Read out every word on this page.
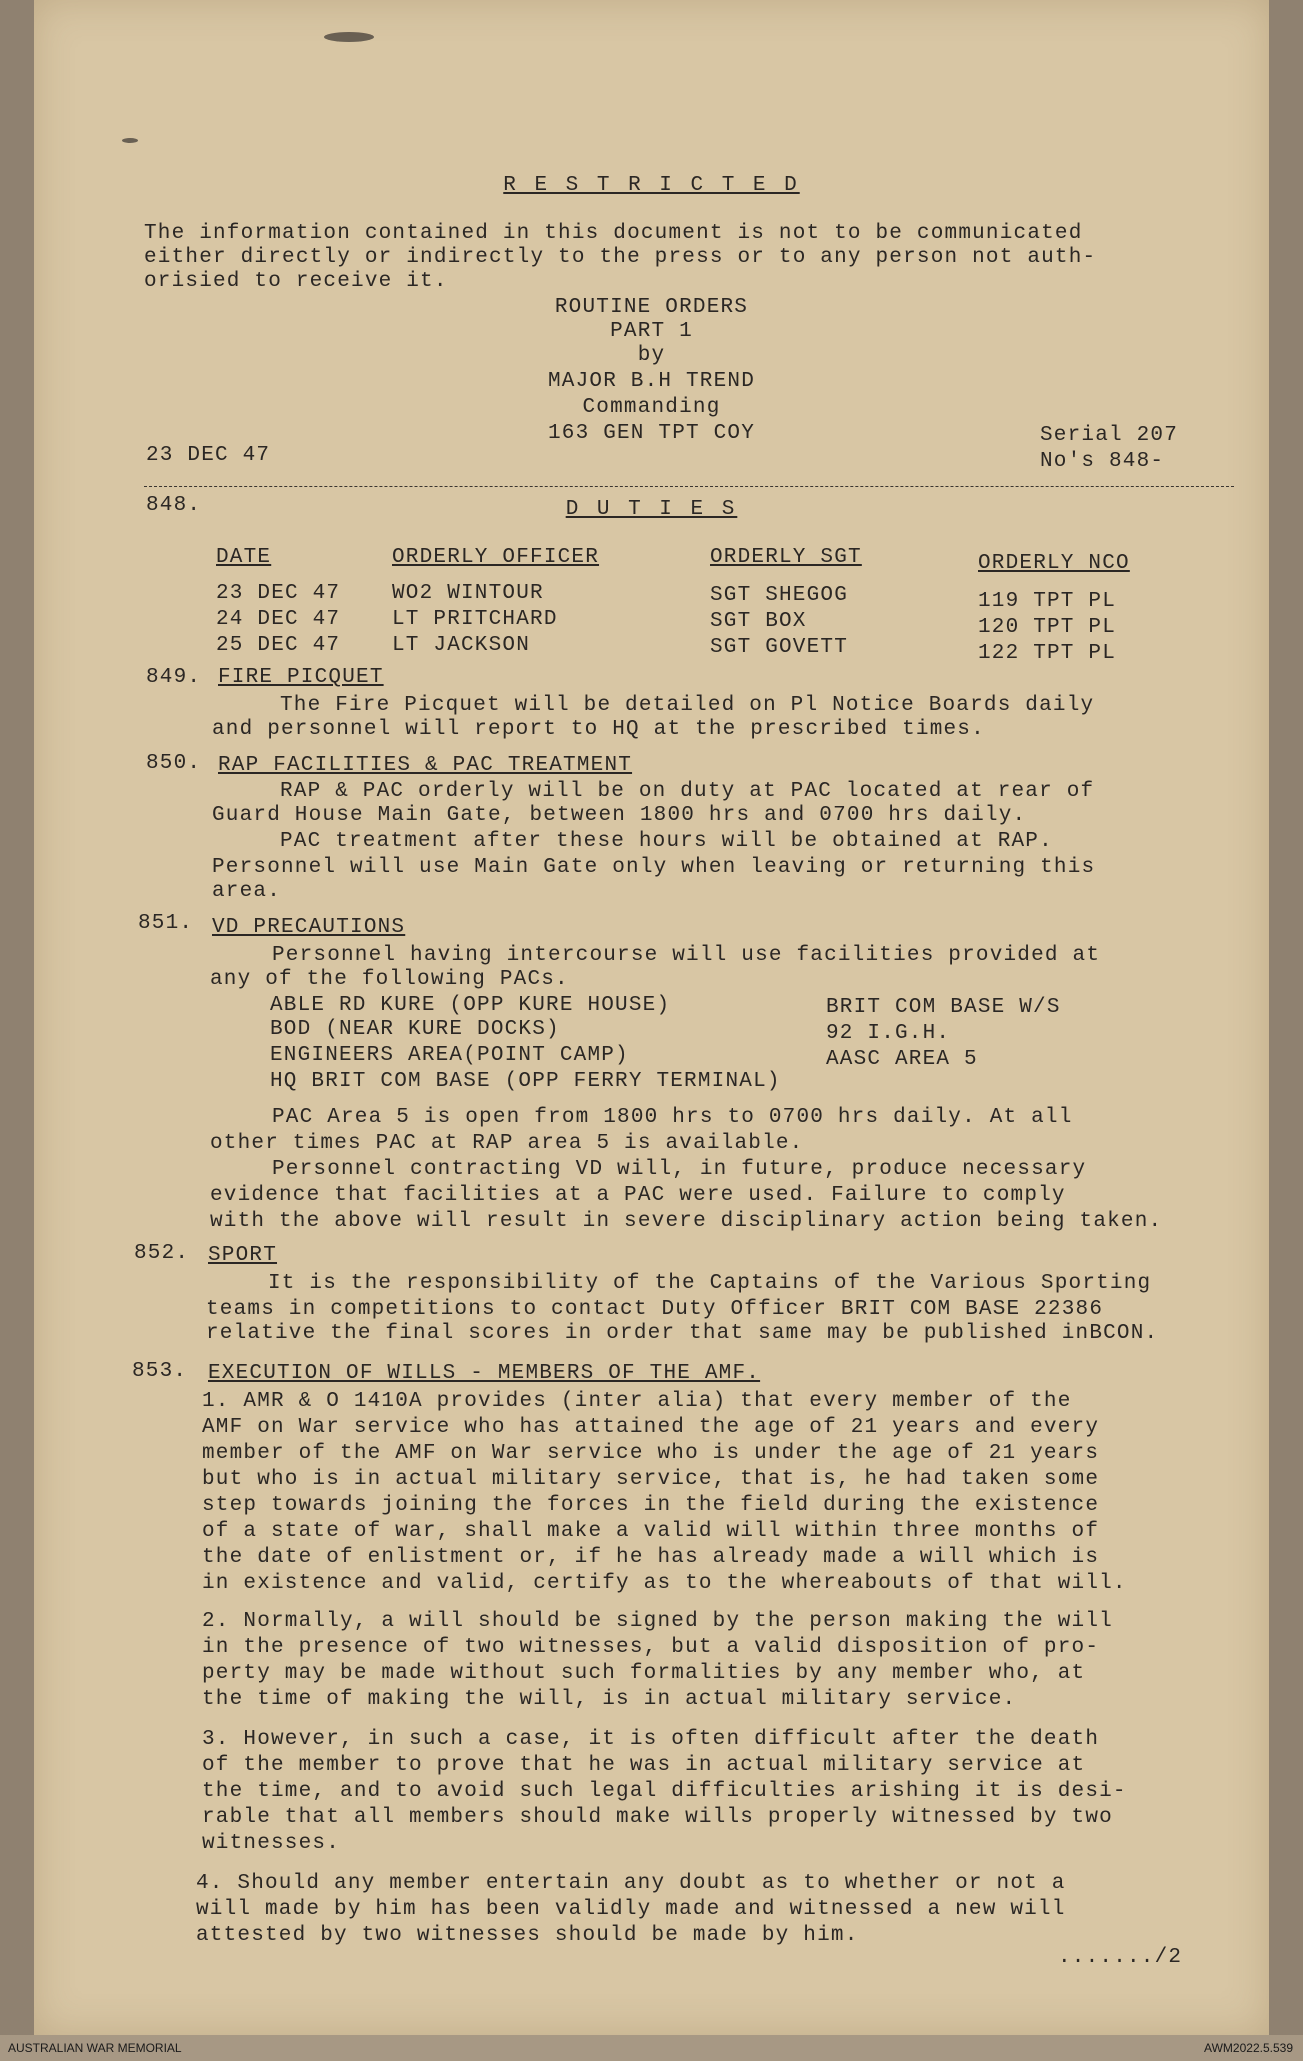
R E S T R I C T E D
The information contained in this document is not to be communicated
either directly or indirectly to the press or to any person not auth-
orisied to receive it.
ROUTINE ORDERS
PART 1
by
MAJOR B.H TREND
Commanding
163 GEN TPT COY
23 DEC 47
Serial 207
No's 848-
848.	D U T I E S
DATE	ORDERLY OFFICER	ORDERLY SGT	ORDERLY NCO
23 DEC 47 WO2 WINTOUR	SGT SHEGOG	119 TPT PL
24 DEC 47 LT PRITCHARD	SGT BOX	120 TPT PL
25 DEC 47 LT JACKSON	SGT GOVETT	122 TPT PL
849. FIRE PICQUET
The Fire Picquet will be detailed on Pl Notice Boards daily
and personnel will report to HQ at the prescribed times.
850. RAP FACILITIES & PAC TREATMENT
RAP & PAC orderly will be on duty at PAC located at rear of
Guard House Main Gate, between 1800 hrs and 0700 hrs daily.
PAC treatment after these hours will be obtained at RAP.
Personnel will use Main Gate only when leaving or returning this
area.
851. VD PRECAUTIONS
Personnel having intercourse will use facilities provided at
any of the following PACs.
ABLE RD KURE (OPP KURE HOUSE)
BOD (NEAR KURE DOCKS)
ENGINEERS AREA(POINT CAMP)
HQ BRIT COM BASE (OPP FERRY TERMINAL)
BRIT COM BASE W/S
92 I.G.H.
AASC AREA 5
PAC Area 5 is open from 1800 hrs to 0700 hrs daily. At all
other times PAC at RAP area 5 is available.
Personnel contracting VD will, in future, produce necessary
evidence that facilities at a PAC were used. Failure to comply
with the above will result in severe disciplinary action being taken.
852. SPORT
It is the responsibility of the Captains of the Various Sporting
teams in competitions to contact Duty Officer BRIT COM BASE 22386
relative the final scores in order that same may be published inBCON.
853. EXECUTION OF WILLS - MEMBERS OF THE AMF.
1. AMR & O 1410A provides (inter alia) that every member of the
AMF on War service who has attained the age of 21 years and every
member of the AMF on War service who is under the age of 21 years
but who is in actual military service, that is, he had taken some
step towards joining the forces in the field during the existence
of a state of war, shall make a valid will within three months of
the date of enlistment or, if he has already made a will which is
in existence and valid, certify as to the whereabouts of that will.
2. Normally, a will should be signed by the person making the will
in the presence of two witnesses, but a valid disposition of pro-
perty may be made without such formalities by any member who, at
the time of making the will, is in actual military service.
3. However, in such a case, it is often difficult after the death
of the member to prove that he was in actual military service at
the time, and to avoid such legal difficulties arishing it is desi-
rable that all members should make wills properly witnessed by two
witnesses.
4. Should any member entertain any doubt as to whether or not a
will made by him has been validly made and witnessed a new will
attested by two witnesses should be made by him.
......./2
AUSTRALIAN WAR MEMORIAL	AWM2022.5.539
